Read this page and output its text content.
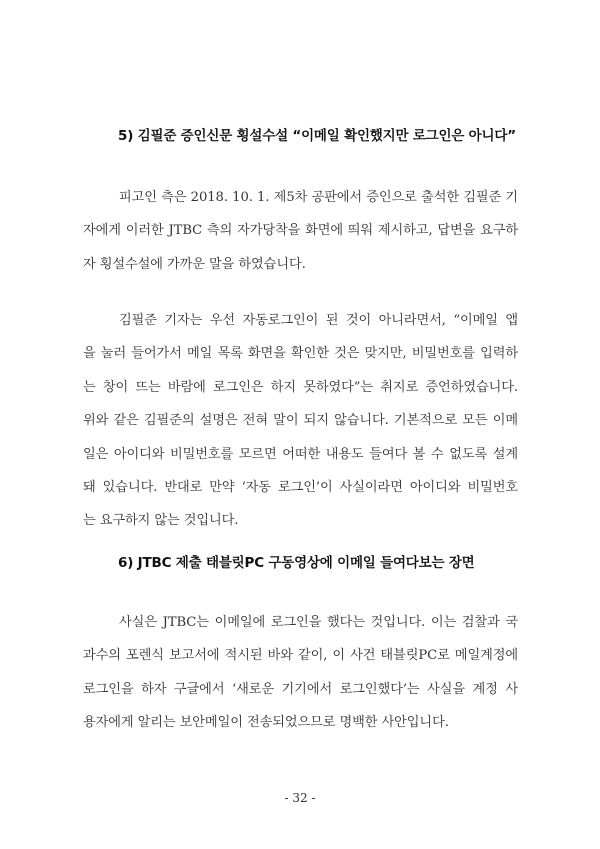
5) 김필준 증인신문 횡설수설 “이메일 확인했지만 로그인은 아니다”
피고인 측은 2018. 10. 1. 제5차 공판에서 증인으로 출석한 김필준 기
자에게 이러한 JTBC 측의 자가당착을 화면에 띄워 제시하고, 답변을 요구하
자 횡설수설에 가까운 말을 하였습니다.
김필준 기자는 우선 자동로그인이 된 것이 아니라면서, “이메일 앱
을 눌러 들어가서 메일 목록 화면을 확인한 것은 맞지만, 비밀번호를 입력하
는 창이 뜨는 바람에 로그인은 하지 못하였다”는 취지로 증언하였습니다.
위와 같은 김필준의 설명은 전혀 말이 되지 않습니다. 기본적으로 모든 이메
일은 아이디와 비밀번호를 모르면 어떠한 내용도 들여다 볼 수 없도록 설계
돼 있습니다. 반대로 만약 ‘자동 로그인’이 사실이라면 아이디와 비밀번호
는 요구하지 않는 것입니다.
6) JTBC 제출 태블릿PC 구동영상에 이메일 들여다보는 장면
사실은 JTBC는 이메일에 로그인을 했다는 것입니다. 이는 검찰과 국
과수의 포렌식 보고서에 적시된 바와 같이, 이 사건 태블릿PC로 메일계정에
로그인을 하자 구글에서 ‘새로운 기기에서 로그인했다’는 사실을 계정 사
용자에게 알리는 보안메일이 전송되었으므로 명백한 사안입니다.
- 32 -
